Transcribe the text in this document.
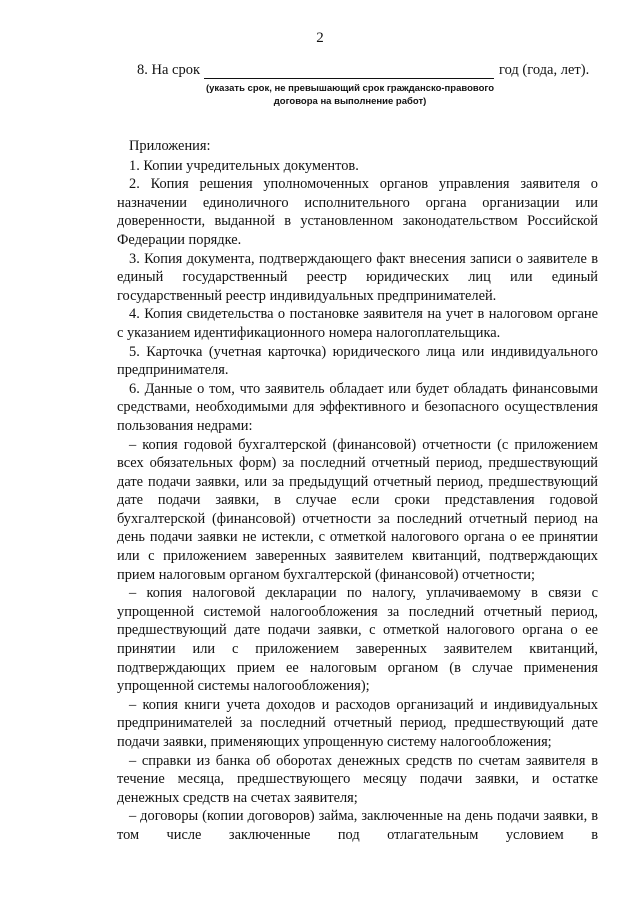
2
8. На срок	год (года, лет).
(указать срок, не превышающий срок гражданско-правового договора на выполнение работ)

Приложения:

1. Копии учредительных документов.

2. Копия решения уполномоченных органов управления заявителя о назначении единоличного исполнительного органа организации или доверенности, выданной в установленном законодательством Российской Федерации порядке.

3. Копия документа, подтверждающего факт внесения записи о заявителе в единый государственный реестр юридических лиц или единый государственный реестр индивидуальных предпринимателей.

4. Копия свидетельства о постановке заявителя на учет в налоговом органе с указанием идентификационного номера налогоплательщика.

5. Карточка (учетная карточка) юридического лица или индивидуального предпринимателя.

6. Данные о том, что заявитель обладает или будет обладать финансовыми средствами, необходимыми для эффективного и безопасного осуществления пользования недрами:

– копия годовой бухгалтерской (финансовой) отчетности (с приложением всех обязательных форм) за последний отчетный период, предшествующий дате подачи заявки, или за предыдущий отчетный период, предшествующий дате подачи заявки, в случае если сроки представления годовой бухгалтерской (финансовой) отчетности за последний отчетный период на день подачи заявки не истекли, с отметкой налогового органа о ее принятии или с приложением заверенных заявителем квитанций, подтверждающих прием налоговым органом бухгалтерской (финансовой) отчетности;

– копия налоговой декларации по налогу, уплачиваемому в связи с упрощенной системой налогообложения за последний отчетный период, предшествующий дате подачи заявки, с отметкой налогового органа о ее принятии или с приложением заверенных заявителем квитанций, подтверждающих прием ее налоговым органом (в случае применения упрощенной системы налогообложения);

– копия книги учета доходов и расходов организаций и индивидуальных предпринимателей за последний отчетный период, предшествующий дате подачи заявки, применяющих упрощенную систему налогообложения;

– справки из банка об оборотах денежных средств по счетам заявителя в течение месяца, предшествующего месяцу подачи заявки, и остатке денежных средств на счетах заявителя;

– договоры (копии договоров) займа, заключенные на день подачи заявки, в том числе заключенные под отлагательным условием в
